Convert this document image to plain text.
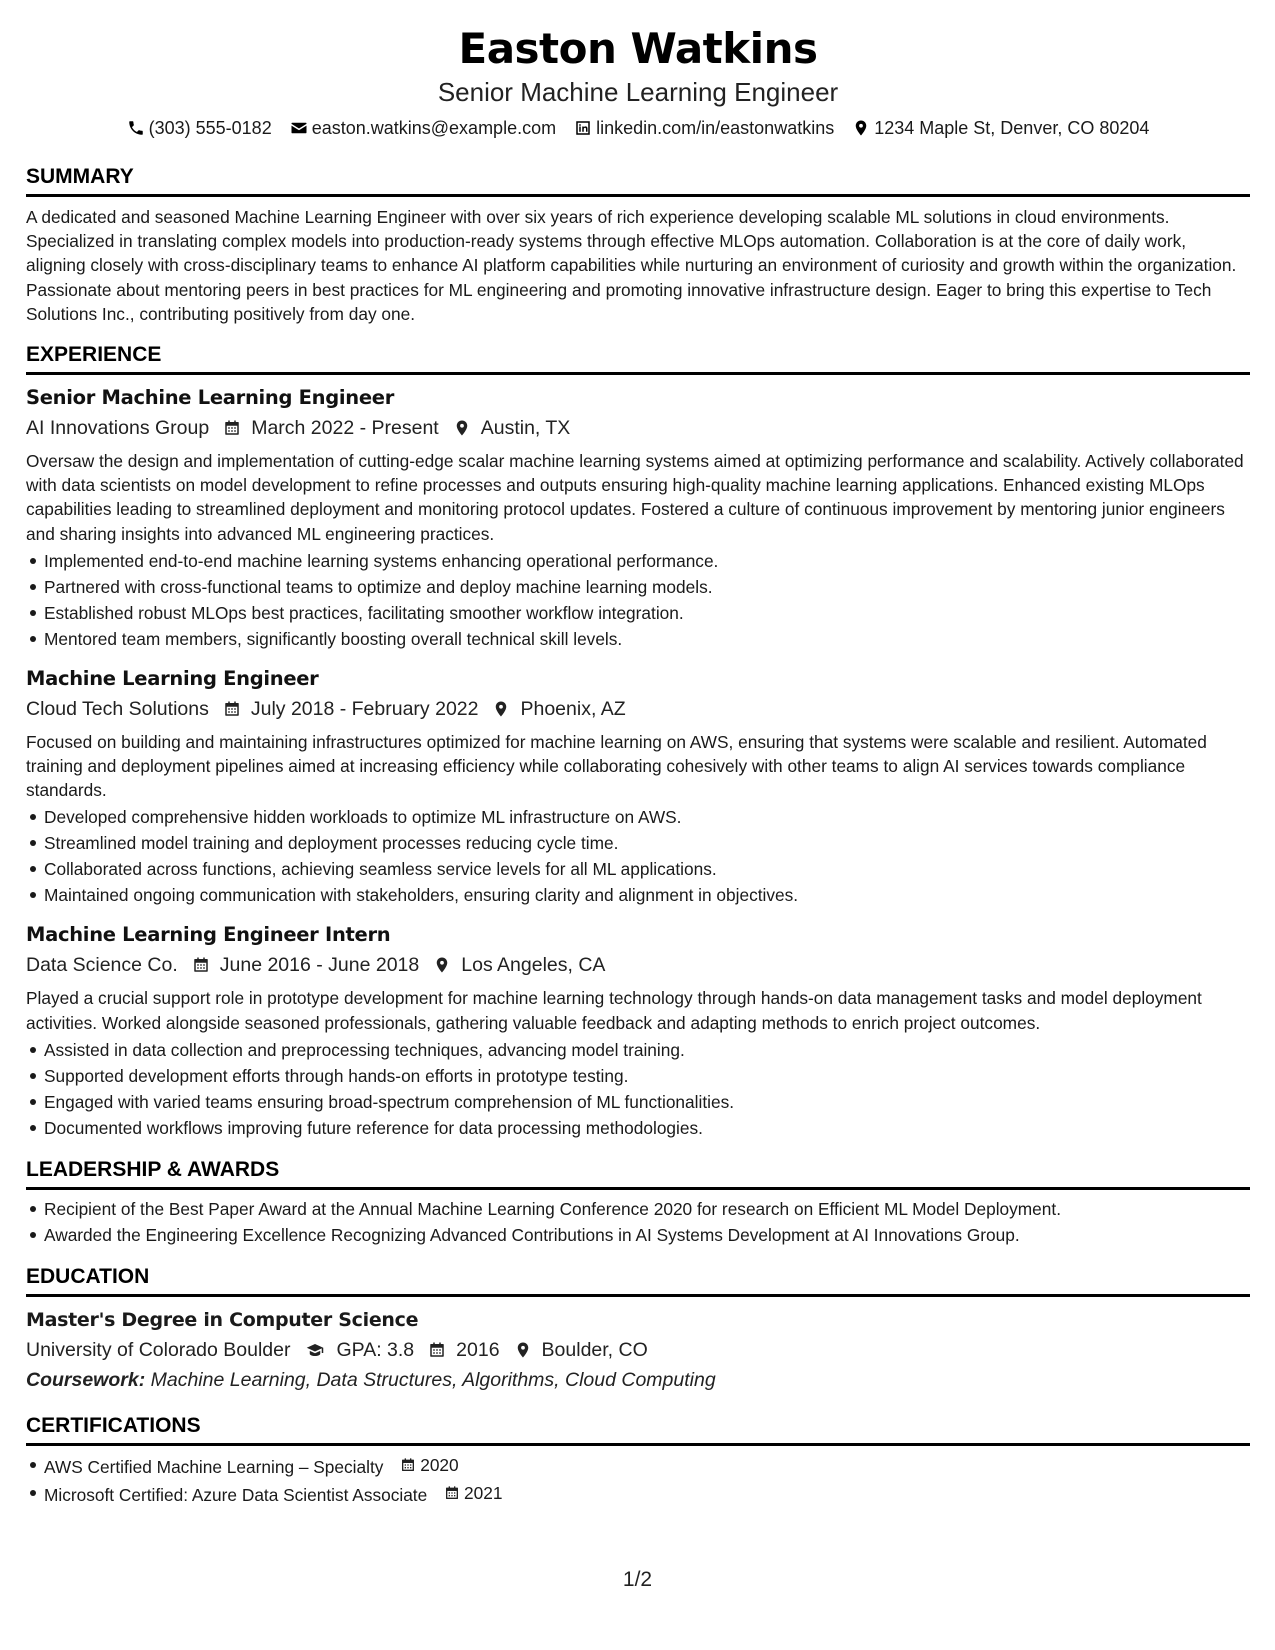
Easton Watkins
Senior Machine Learning Engineer
(303) 555-0182 easton.watkins@example.com linkedin.com/in/eastonwatkins 1234 Maple St, Denver, CO 80204
SUMMARY
A dedicated and seasoned Machine Learning Engineer with over six years of rich experience developing scalable ML solutions in cloud environments. Specialized in translating complex models into production-ready systems through effective MLOps automation. Collaboration is at the core of daily work, aligning closely with cross-disciplinary teams to enhance AI platform capabilities while nurturing an environment of curiosity and growth within the organization. Passionate about mentoring peers in best practices for ML engineering and promoting innovative infrastructure design. Eager to bring this expertise to Tech Solutions Inc., contributing positively from day one.
EXPERIENCE
Senior Machine Learning Engineer
AI Innovations Group March 2022 - Present Austin, TX
Oversaw the design and implementation of cutting-edge scalar machine learning systems aimed at optimizing performance and scalability. Actively collaborated with data scientists on model development to refine processes and outputs ensuring high-quality machine learning applications. Enhanced existing MLOps capabilities leading to streamlined deployment and monitoring protocol updates. Fostered a culture of continuous improvement by mentoring junior engineers and sharing insights into advanced ML engineering practices.
Implemented end-to-end machine learning systems enhancing operational performance.
Partnered with cross-functional teams to optimize and deploy machine learning models.
Established robust MLOps best practices, facilitating smoother workflow integration.
Mentored team members, significantly boosting overall technical skill levels.
Machine Learning Engineer
Cloud Tech Solutions July 2018 - February 2022 Phoenix, AZ
Focused on building and maintaining infrastructures optimized for machine learning on AWS, ensuring that systems were scalable and resilient. Automated training and deployment pipelines aimed at increasing efficiency while collaborating cohesively with other teams to align AI services towards compliance standards.
Developed comprehensive hidden workloads to optimize ML infrastructure on AWS.
Streamlined model training and deployment processes reducing cycle time.
Collaborated across functions, achieving seamless service levels for all ML applications.
Maintained ongoing communication with stakeholders, ensuring clarity and alignment in objectives.
Machine Learning Engineer Intern
Data Science Co. June 2016 - June 2018 Los Angeles, CA
Played a crucial support role in prototype development for machine learning technology through hands-on data management tasks and model deployment activities. Worked alongside seasoned professionals, gathering valuable feedback and adapting methods to enrich project outcomes.
Assisted in data collection and preprocessing techniques, advancing model training.
Supported development efforts through hands-on efforts in prototype testing.
Engaged with varied teams ensuring broad-spectrum comprehension of ML functionalities.
Documented workflows improving future reference for data processing methodologies.
LEADERSHIP & AWARDS
Recipient of the Best Paper Award at the Annual Machine Learning Conference 2020 for research on Efficient ML Model Deployment.
Awarded the Engineering Excellence Recognizing Advanced Contributions in AI Systems Development at AI Innovations Group.
EDUCATION
Master's Degree in Computer Science
University of Colorado Boulder GPA: 3.8 2016 Boulder, CO
Coursework: Machine Learning, Data Structures, Algorithms, Cloud Computing
CERTIFICATIONS
AWS Certified Machine Learning – Specialty 2020
Microsoft Certified: Azure Data Scientist Associate 2021
1/2
